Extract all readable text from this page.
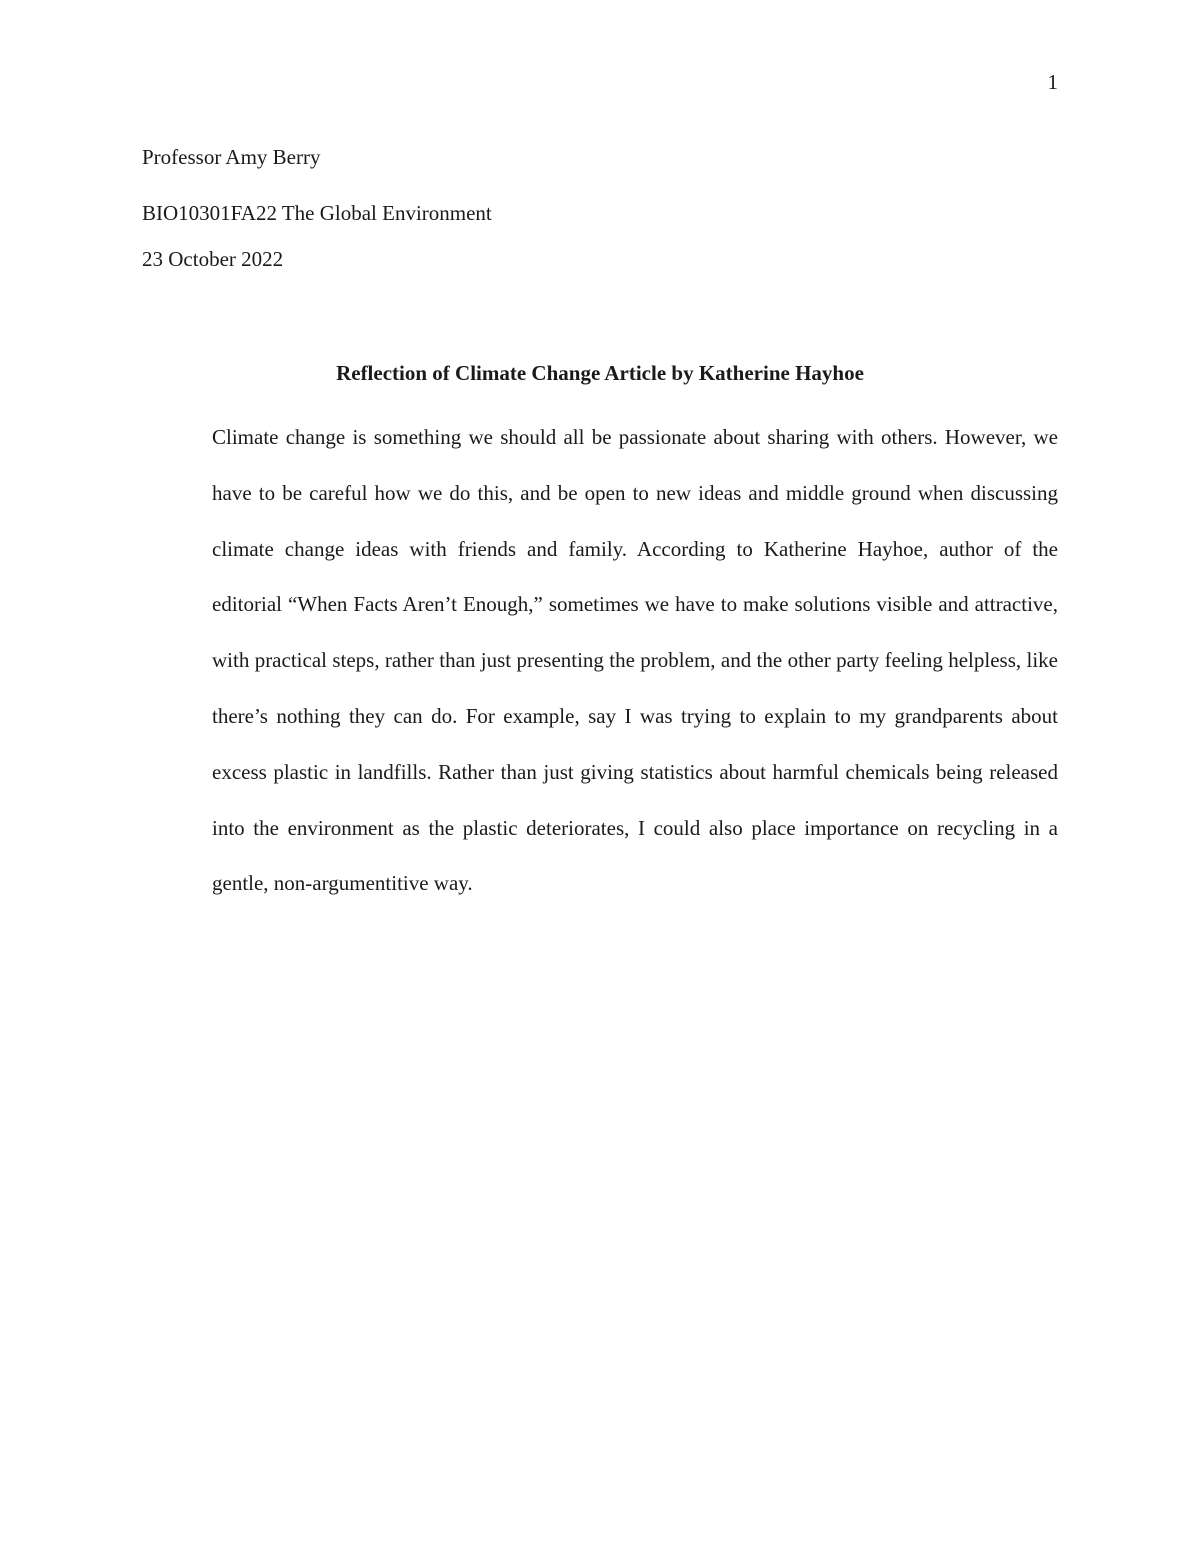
1
Professor Amy Berry
BIO10301FA22 The Global Environment
23 October 2022
Reflection of Climate Change Article by Katherine Hayhoe

Climate change is something we should all be passionate about sharing with others. However, we have to be careful how we do this, and be open to new ideas and middle ground when discussing climate change ideas with friends and family. According to Katherine Hayhoe, author of the editorial “When Facts Aren’t Enough,” sometimes we have to make solutions visible and attractive, with practical steps, rather than just presenting the problem, and the other party feeling helpless, like there’s nothing they can do. For example, say I was trying to explain to my grandparents about excess plastic in landfills. Rather than just giving statistics about harmful chemicals being released into the environment as the plastic deteriorates, I could also place importance on recycling in a gentle, non-argumentitive way.
